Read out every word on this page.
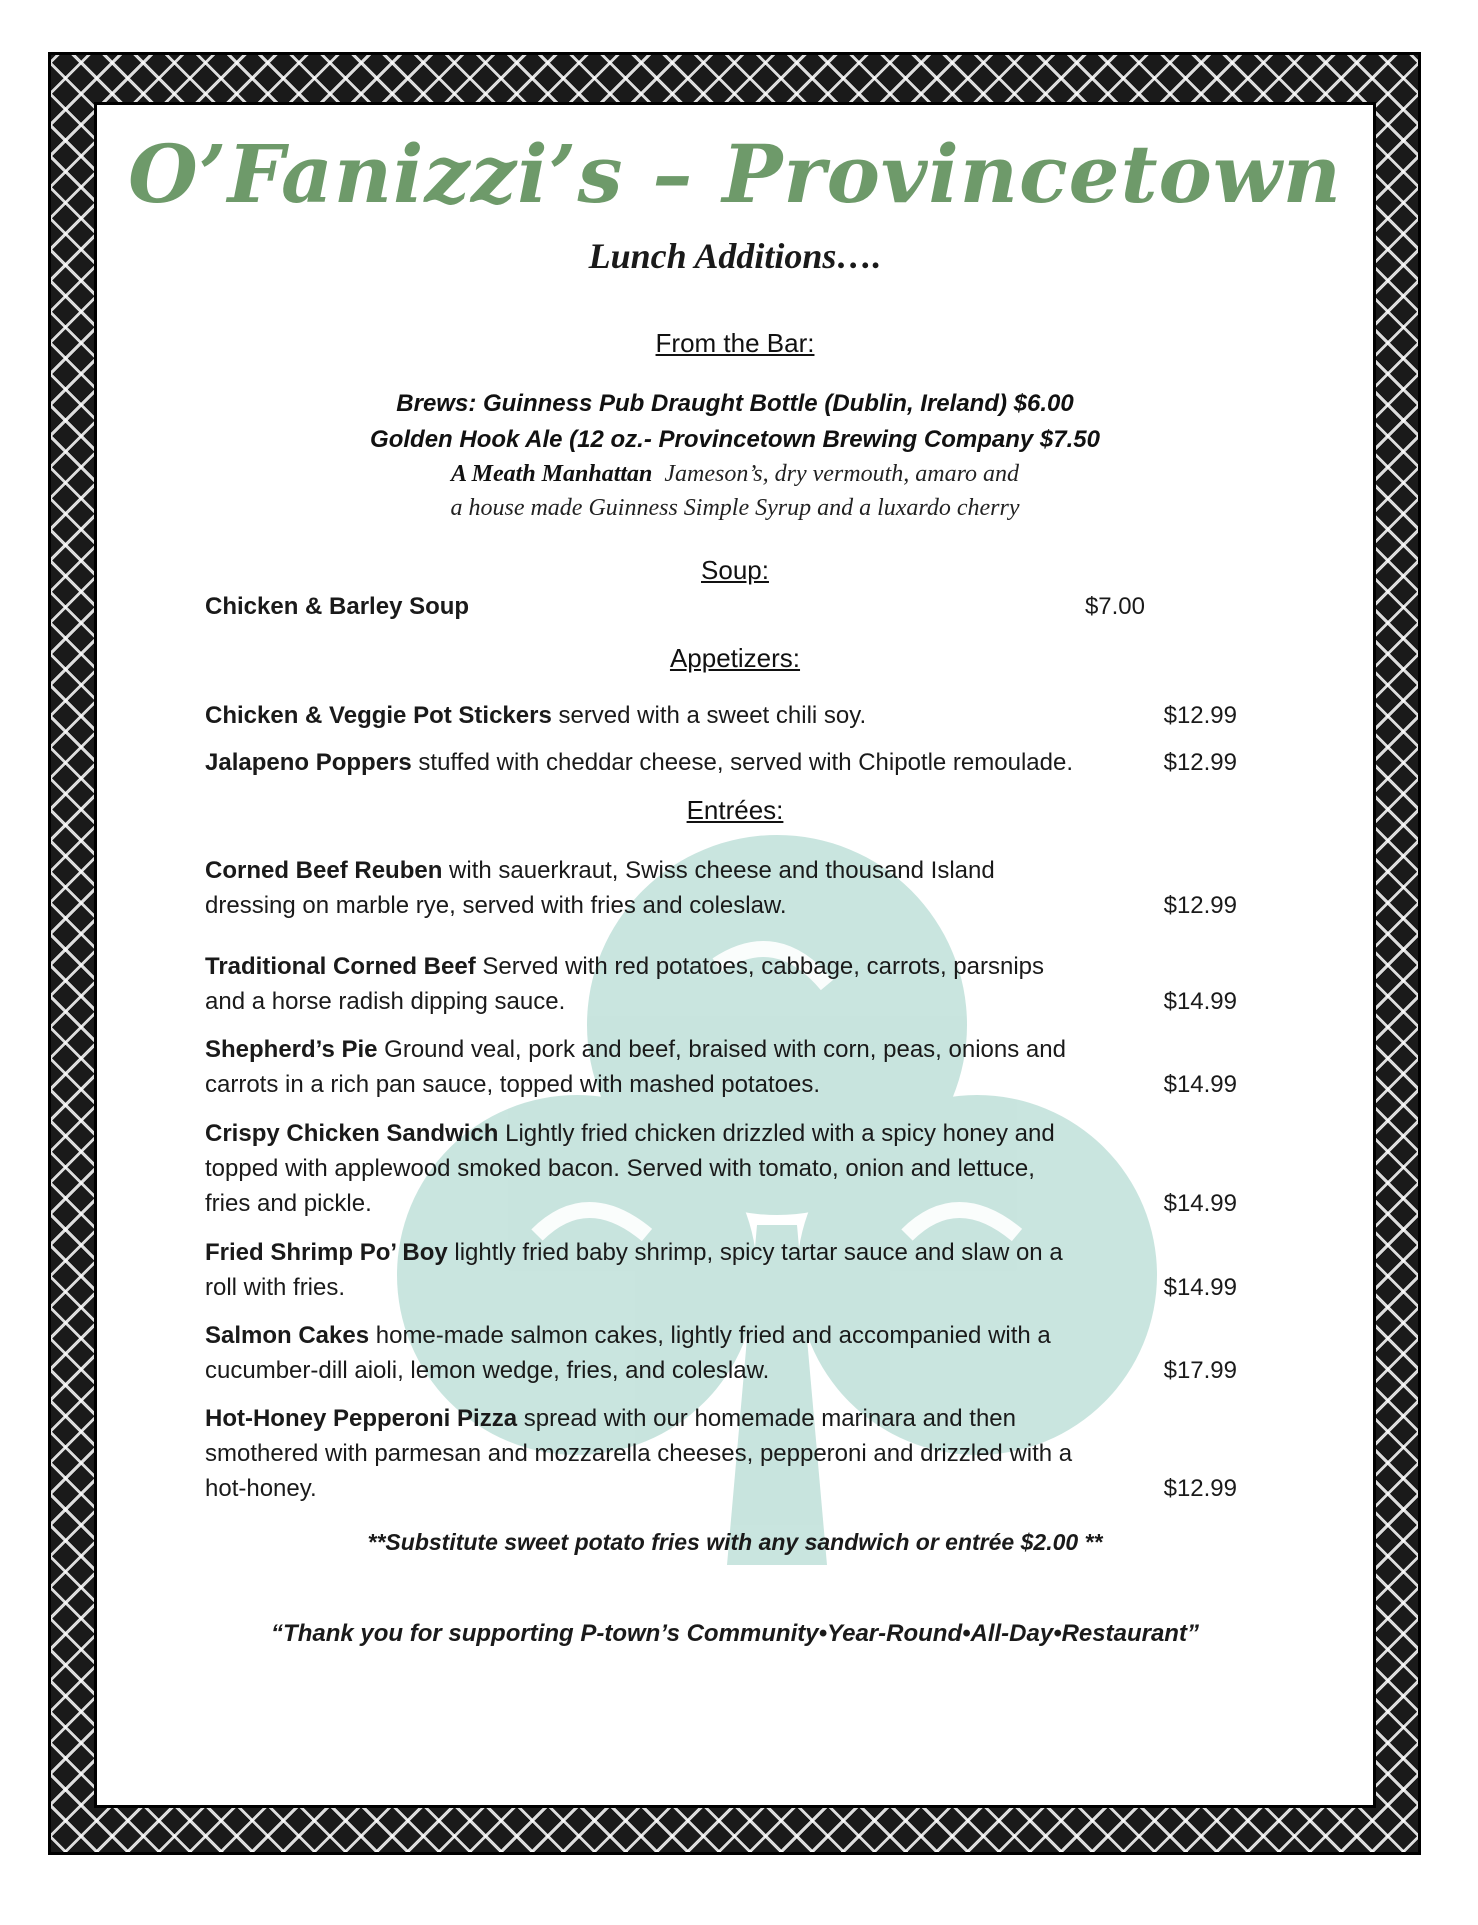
O’Fanizzi’s – Provincetown
Lunch Additions….
From the Bar:
Brews: Guinness Pub Draught Bottle (Dublin, Ireland) $6.00
Golden Hook Ale (12 oz.- Provincetown Brewing Company $7.50
A Meath Manhattan Jameson’s, dry vermouth, amaro and
a house made Guinness Simple Syrup and a luxardo cherry
Soup:
Chicken & Barley Soup	$7.00
Appetizers:
Chicken & Veggie Pot Stickers served with a sweet chili soy.	$12.99
Jalapeno Poppers stuffed with cheddar cheese, served with Chipotle remoulade.	$12.99
Entrées:
Corned Beef Reuben with sauerkraut, Swiss cheese and thousand Island dressing on marble rye, served with fries and coleslaw.	$12.99
Traditional Corned Beef Served with red potatoes, cabbage, carrots, parsnips and a horse radish dipping sauce.	$14.99
Shepherd’s Pie Ground veal, pork and beef, braised with corn, peas, onions and carrots in a rich pan sauce, topped with mashed potatoes.	$14.99
Crispy Chicken Sandwich Lightly fried chicken drizzled with a spicy honey and topped with applewood smoked bacon. Served with tomato, onion and lettuce, fries and pickle.	$14.99
Fried Shrimp Po’ Boy lightly fried baby shrimp, spicy tartar sauce and slaw on a roll with fries.	$14.99
Salmon Cakes home-made salmon cakes, lightly fried and accompanied with a cucumber-dill aioli, lemon wedge, fries, and coleslaw.	$17.99
Hot-Honey Pepperoni Pizza spread with our homemade marinara and then smothered with parmesan and mozzarella cheeses, pepperoni and drizzled with a hot-honey.	$12.99
**Substitute sweet potato fries with any sandwich or entrée $2.00 **
“Thank you for supporting P-town’s Community•Year-Round•All-Day•Restaurant”
